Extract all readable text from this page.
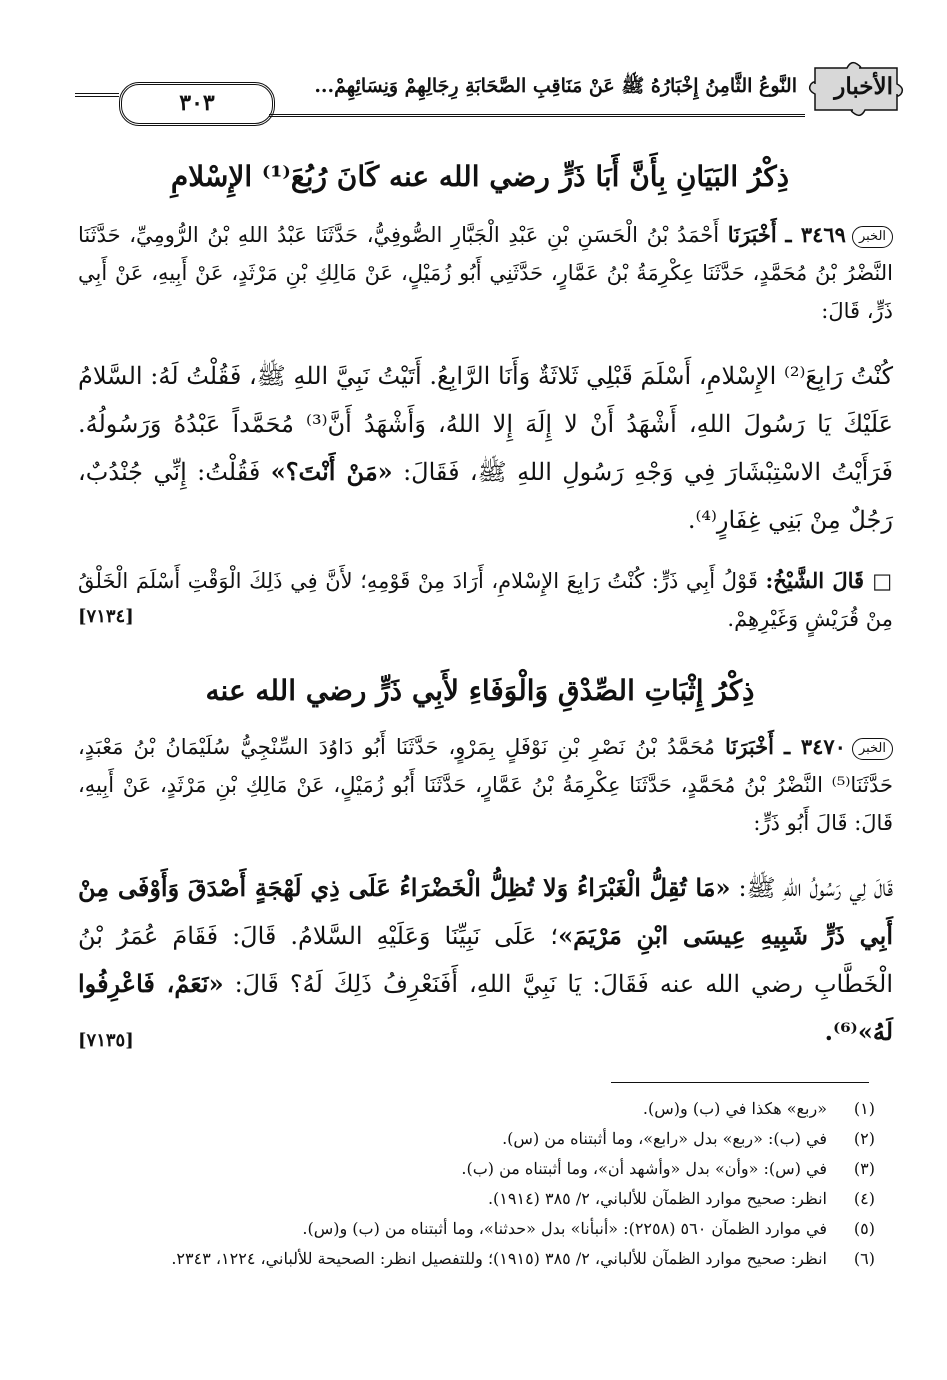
٣٠٣
النَّوعُ الثَّامِنُ إِخْبَارُهُ ﷺ عَنْ مَنَاقِبِ الصَّحَابَةِ رِجَالِهِمْ وَنِسَائِهِمْ... الأخبار
ذِكْرُ البَيَانِ بِأَنَّ أَبَا ذَرٍّ رضي الله عنه كَانَ رُبُعَ⁽¹⁾ الإِسْلامِ
الخبر٣٤٦٩ ـ أَخْبَرَنَا أَحْمَدُ بْنُ الْحَسَنِ بْنِ عَبْدِ الْجَبَّارِ الصُّوفِيُّ، حَدَّثَنَا عَبْدُ اللهِ بْنُ الرُّومِيِّ، حَدَّثَنَا النَّضْرُ بْنُ مُحَمَّدٍ، حَدَّثَنَا عِكْرِمَةُ بْنُ عَمَّارٍ، حَدَّثَنِي أَبُو زُمَيْلٍ، عَنْ مَالِكِ بْنِ مَرْثَدٍ، عَنْ أَبِيهِ، عَنْ أَبِي ذَرٍّ، قَالَ:
كُنْتُ رَابِعَ⁽²⁾ الإِسْلامِ، أَسْلَمَ قَبْلِي ثَلاثَةٌ وَأَنَا الرَّابِعُ. أَتَيْتُ نَبِيَّ اللهِ ﷺ، فَقُلْتُ لَهُ: السَّلامُ عَلَيْكَ يَا رَسُولَ اللهِ، أَشْهَدُ أَنْ لا إِلَهَ إِلا اللهُ، وَأَشْهَدُ أَنَّ⁽³⁾ مُحَمَّداً عَبْدُهُ وَرَسُولُهُ. فَرَأَيْتُ الاسْتِبْشَارَ فِي وَجْهِ رَسُولِ اللهِ ﷺ، فَقَالَ: «مَنْ أَنْتَ؟» فَقُلْتُ: إِنِّي جُنْدُبٌ، رَجُلٌ مِنْ بَنِي غِفَارٍ⁽⁴⁾.
□ قَالَ الشَّيْخُ: قَوْلُ أَبِي ذَرٍّ: كُنْتُ رَابِعَ الإِسْلامِ، أَرَادَ مِنْ قَوْمِهِ؛ لأَنَّ فِي ذَلِكَ الْوَقْتِ أَسْلَمَ الْخَلْقُ مِنْ قُرَيْشٍ وَغَيْرِهِمْ.
[٧١٣٤]
ذِكْرُ إِثْبَاتِ الصِّدْقِ وَالْوَفَاءِ لأَبِي ذَرٍّ رضي الله عنه
الخبر٣٤٧٠ ـ أَخْبَرَنَا مُحَمَّدُ بْنُ نَصْرِ بْنِ نَوْفَلٍ بِمَرْوٍ، حَدَّثَنَا أَبُو دَاوُدَ السِّنْجِيُّ سُلَيْمَانُ بْنُ مَعْبَدٍ، حَدَّثَنَا⁽⁵⁾ النَّضْرُ بْنُ مُحَمَّدٍ، حَدَّثَنَا عِكْرِمَةُ بْنُ عَمَّارٍ، حَدَّثَنَا أَبُو زُمَيْلٍ، عَنْ مَالِكِ بْنِ مَرْثَدٍ، عَنْ أَبِيهِ، قَالَ: قَالَ أَبُو ذَرٍّ:
قَالَ لِي رَسُولُ اللهِ ﷺ: «مَا تُقِلُّ الْغَبْرَاءُ وَلا تُظِلُّ الْخَضْرَاءُ عَلَى ذِي لَهْجَةٍ أَصْدَقَ وَأَوْفَى مِنْ أَبِي ذَرٍّ شَبِيهِ عِيسَى ابْنِ مَرْيَمَ»؛ عَلَى نَبِيِّنَا وَعَلَيْهِ السَّلامُ. قَالَ: فَقَامَ عُمَرُ بْنُ الْخَطَّابِ رضي الله عنه فَقَالَ: يَا نَبِيَّ اللهِ، أَفَنَعْرِفُ ذَلِكَ لَهُ؟ قَالَ: «نَعَمْ، فَاعْرِفُوا لَهُ»⁽⁶⁾.
[٧١٣٥]
(١)
«ربع» هكذا في (ب) و(س).
(٢)
في (ب): «ربع» بدل «رابع»، وما أثبتناه من (س).
(٣)
في (س): «وأن» بدل «وأشهد أن»، وما أثبتناه من (ب).
(٤)
انظر: صحيح موارد الظمآن للألباني، ٢/ ٣٨٥ (١٩١٤).
(٥)
في موارد الظمآن ٥٦٠ (٢٢٥٨): «أنبأنا» بدل «حدثنا»، وما أثبتناه من (ب) و(س).
(٦)
انظر: صحيح موارد الظمآن للألباني، ٢/ ٣٨٥ (١٩١٥)؛ وللتفصيل انظر: الصحيحة للألباني، ١٢٢٤، ٢٣٤٣.
